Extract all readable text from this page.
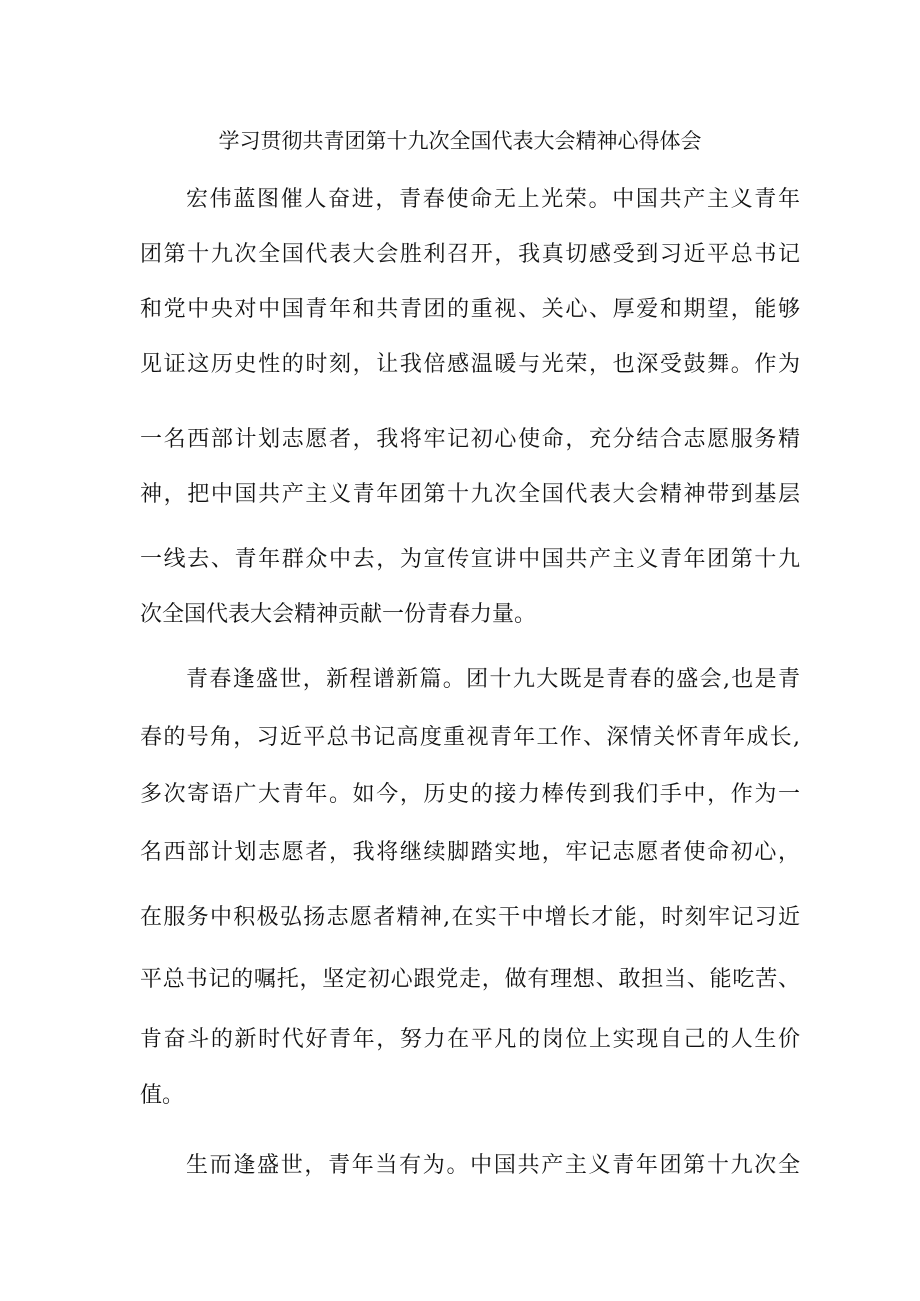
学习贯彻共青团第十九次全国代表大会精神心得体会

宏伟蓝图催人奋进，青春使命无上光荣。中国共产主义青年

团第十九次全国代表大会胜利召开，我真切感受到习近平总书记

和党中央对中国青年和共青团的重视、关心、厚爱和期望，能够

见证这历史性的时刻，让我倍感温暖与光荣，也深受鼓舞。作为

一名西部计划志愿者，我将牢记初心使命，充分结合志愿服务精

神，把中国共产主义青年团第十九次全国代表大会精神带到基层

一线去、青年群众中去，为宣传宣讲中国共产主义青年团第十九

次全国代表大会精神贡献一份青春力量。

青春逢盛世，新程谱新篇。团十九大既是青春的盛会,也是青

春的号角，习近平总书记高度重视青年工作、深情关怀青年成长,

多次寄语广大青年。如今，历史的接力棒传到我们手中，作为一

名西部计划志愿者，我将继续脚踏实地，牢记志愿者使命初心，

在服务中积极弘扬志愿者精神,在实干中增长才能，时刻牢记习近

平总书记的嘱托，坚定初心跟党走，做有理想、敢担当、能吃苦、

肯奋斗的新时代好青年，努力在平凡的岗位上实现自己的人生价

值。

生而逢盛世，青年当有为。中国共产主义青年团第十九次全
